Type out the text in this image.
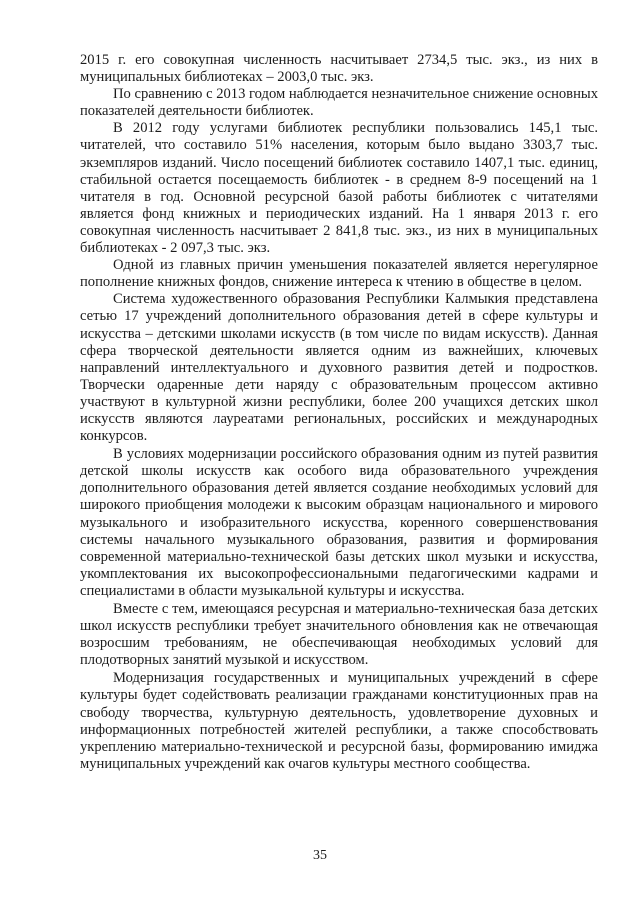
2015 г. его совокупная численность насчитывает 2734,5 тыс. экз., из них в муниципальных библиотеках – 2003,0 тыс. экз.

По сравнению с 2013 годом наблюдается незначительное снижение основных показателей деятельности библиотек.

В 2012 году услугами библиотек республики пользовались 145,1 тыс. читателей, что составило 51% населения, которым было выдано 3303,7 тыс. экземпляров изданий. Число посещений библиотек составило 1407,1 тыс. единиц, стабильной остается посещаемость библиотек - в среднем 8-9 посещений на 1 читателя в год. Основной ресурсной базой работы библиотек с читателями является фонд книжных и периодических изданий. На 1 января 2013 г. его совокупная численность насчитывает 2 841,8 тыс. экз., из них в муниципальных библиотеках - 2 097,3 тыс. экз.

Одной из главных причин уменьшения показателей является нерегулярное пополнение книжных фондов, снижение интереса к чтению в обществе в целом.

Система художественного образования Республики Калмыкия представлена сетью 17 учреждений дополнительного образования детей в сфере культуры и искусства – детскими школами искусств (в том числе по видам искусств). Данная сфера творческой деятельности является одним из важнейших, ключевых направлений интеллектуального и духовного развития детей и подростков. Творчески одаренные дети наряду с образовательным процессом активно участвуют в культурной жизни республики, более 200 учащихся детских школ искусств являются лауреатами региональных, российских и международных конкурсов.

В условиях модернизации российского образования одним из путей развития детской школы искусств как особого вида образовательного учреждения дополнительного образования детей является создание необходимых условий для широкого приобщения молодежи к высоким образцам национального и мирового музыкального и изобразительного искусства, коренного совершенствования системы начального музыкального образования, развития и формирования современной материально-технической базы детских школ музыки и искусства, укомплектования их высокопрофессиональными педагогическими кадрами и специалистами в области музыкальной культуры и искусства.

Вместе с тем, имеющаяся ресурсная и материально-техническая база детских школ искусств республики требует значительного обновления как не отвечающая возросшим требованиям, не обеспечивающая необходимых условий для плодотворных занятий музыкой и искусством.

Модернизация государственных и муниципальных учреждений в сфере культуры будет содействовать реализации гражданами конституционных прав на свободу творчества, культурную деятельность, удовлетворение духовных и информационных потребностей жителей республики, а также способствовать укреплению материально-технической и ресурсной базы, формированию имиджа муниципальных учреждений как очагов культуры местного сообщества.

35
